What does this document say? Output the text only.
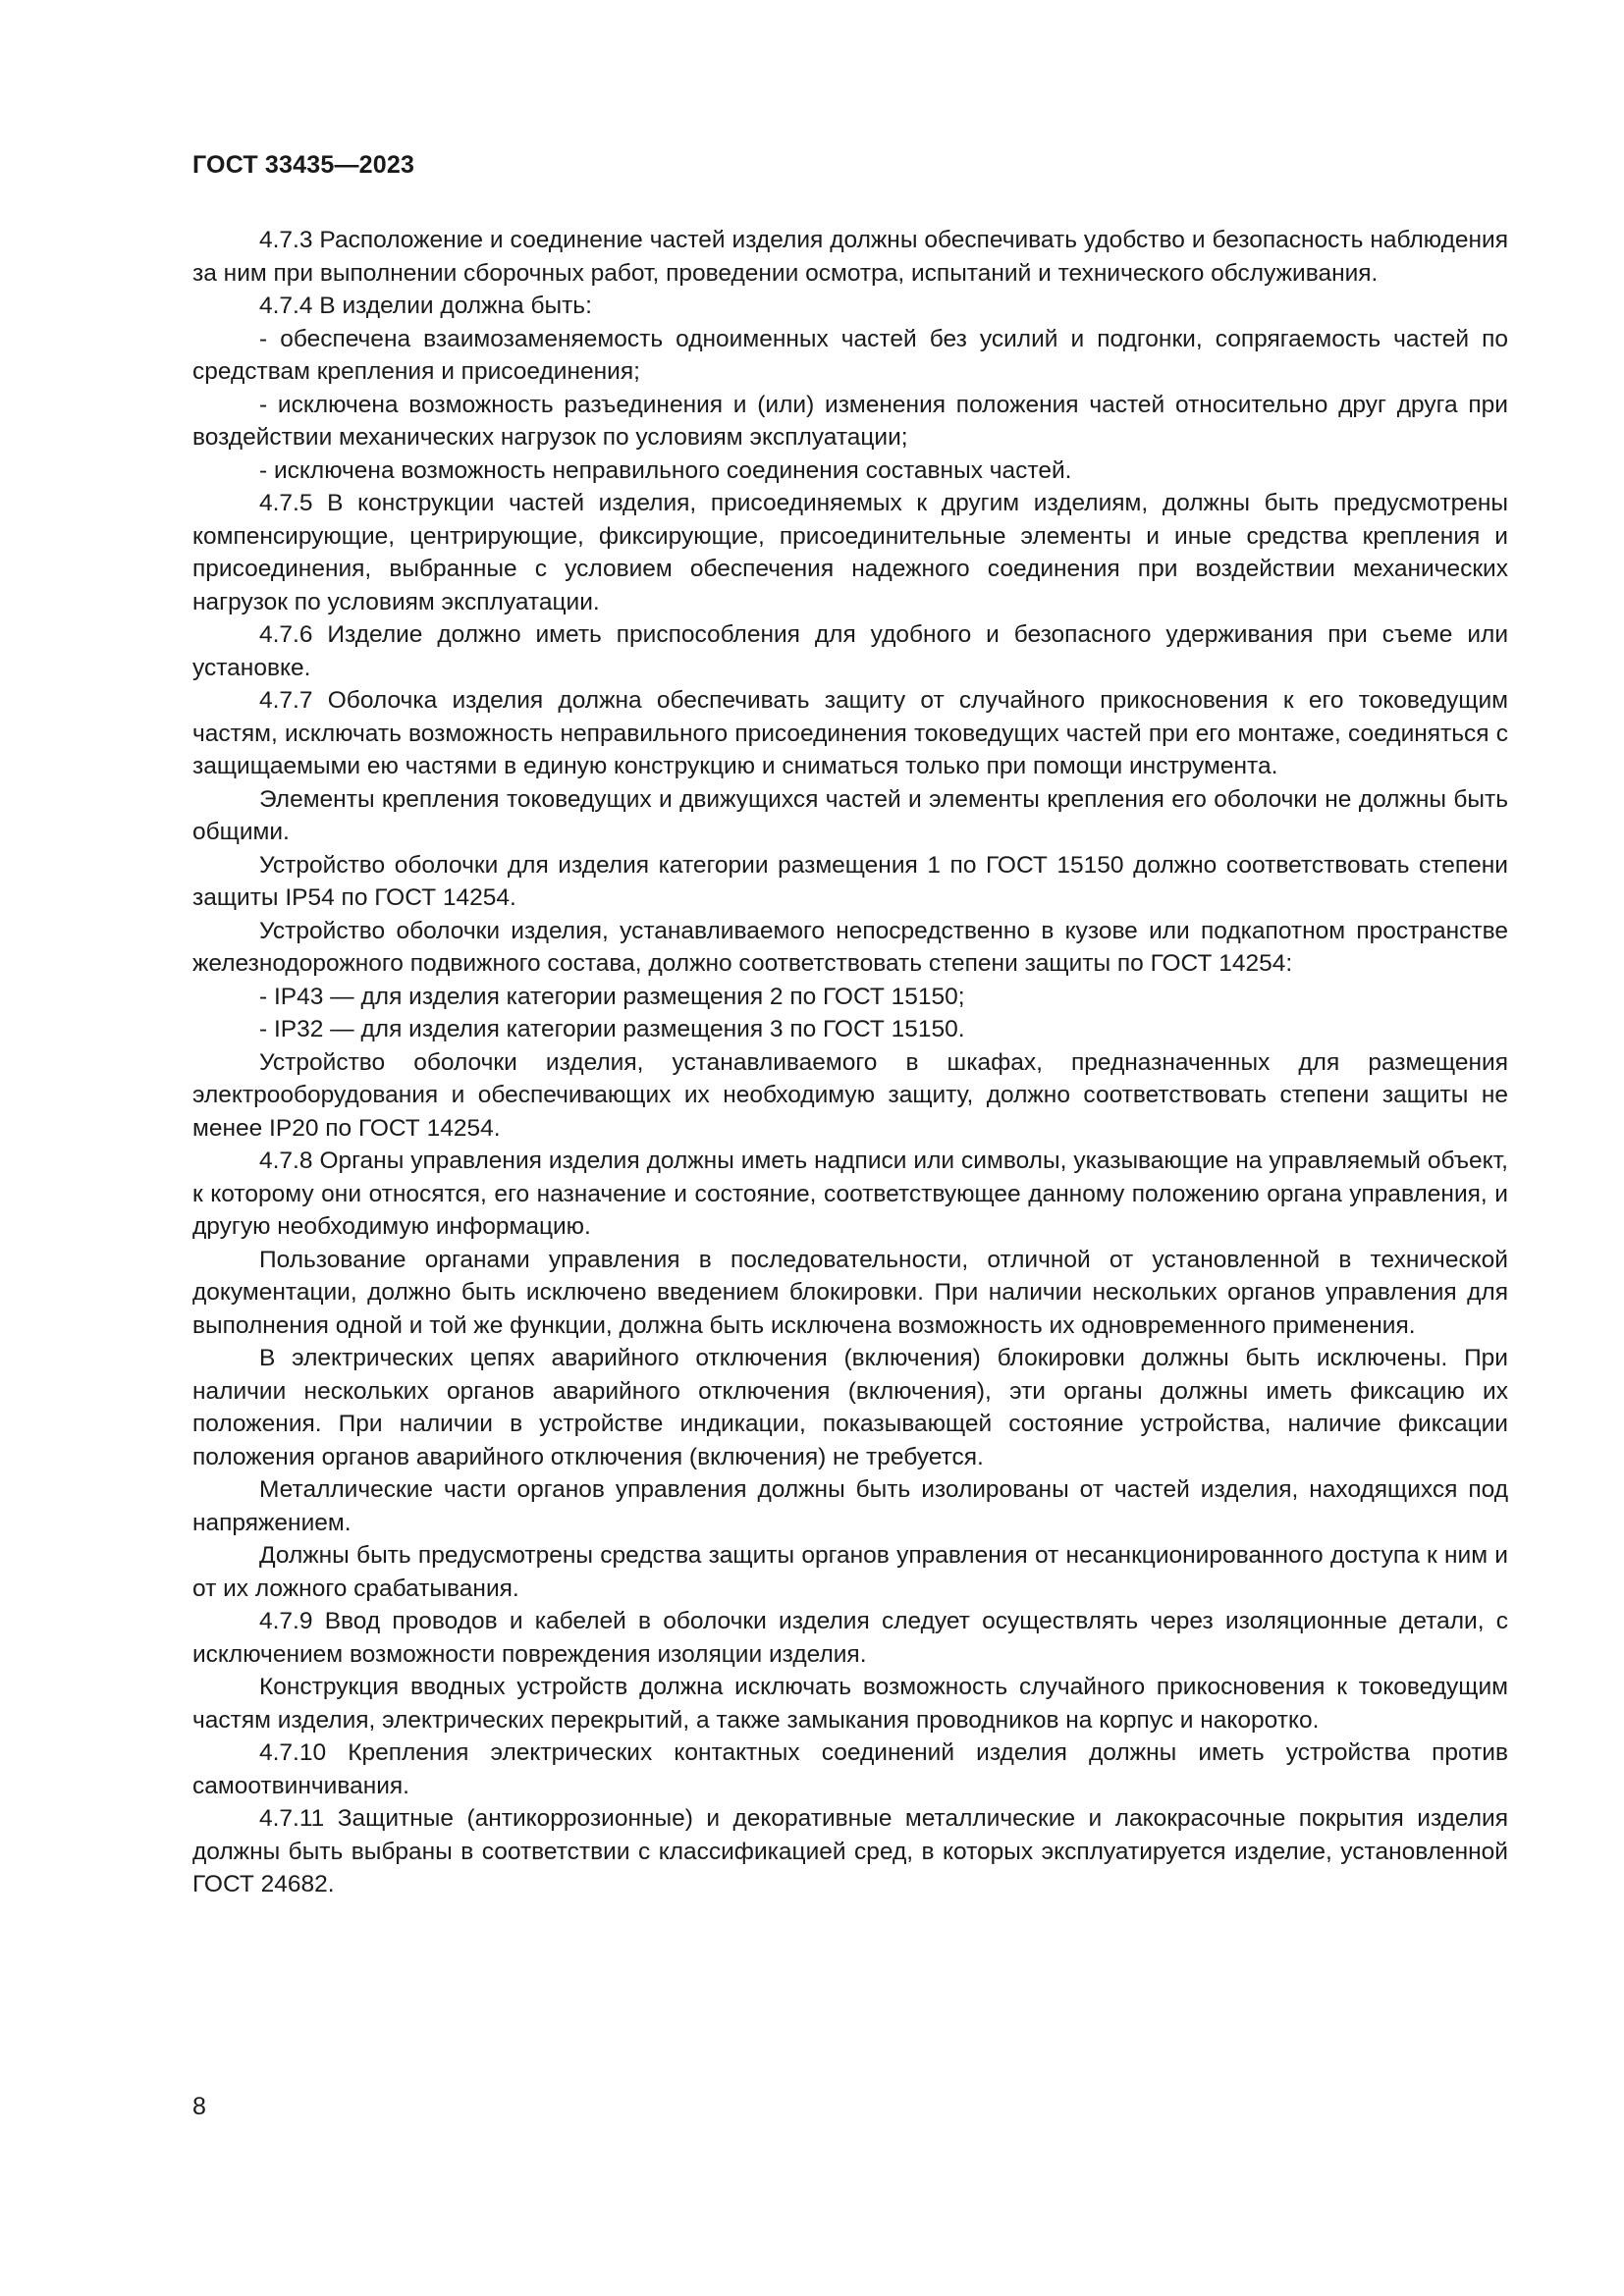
ГОСТ 33435—2023

4.7.3 Расположение и соединение частей изделия должны обеспечивать удобство и безопасность наблюдения за ним при выполнении сборочных работ, проведении осмотра, испытаний и технического обслуживания.

4.7.4 В изделии должна быть:

- обеспечена взаимозаменяемость одноименных частей без усилий и подгонки, сопрягаемость частей по средствам крепления и присоединения;

- исключена возможность разъединения и (или) изменения положения частей относительно друг друга при воздействии механических нагрузок по условиям эксплуатации;

- исключена возможность неправильного соединения составных частей.

4.7.5 В конструкции частей изделия, присоединяемых к другим изделиям, должны быть предусмотрены компенсирующие, центрирующие, фиксирующие, присоединительные элементы и иные средства крепления и присоединения, выбранные с условием обеспечения надежного соединения при воздействии механических нагрузок по условиям эксплуатации.

4.7.6 Изделие должно иметь приспособления для удобного и безопасного удерживания при съеме или установке.

4.7.7 Оболочка изделия должна обеспечивать защиту от случайного прикосновения к его токоведущим частям, исключать возможность неправильного присоединения токоведущих частей при его монтаже, соединяться с защищаемыми ею частями в единую конструкцию и сниматься только при помощи инструмента.

Элементы крепления токоведущих и движущихся частей и элементы крепления его оболочки не должны быть общими.

Устройство оболочки для изделия категории размещения 1 по ГОСТ 15150 должно соответствовать степени защиты IP54 по ГОСТ 14254.

Устройство оболочки изделия, устанавливаемого непосредственно в кузове или подкапотном пространстве железнодорожного подвижного состава, должно соответствовать степени защиты по ГОСТ 14254:

- IP43 — для изделия категории размещения 2 по ГОСТ 15150;

- IP32 — для изделия категории размещения 3 по ГОСТ 15150.

Устройство оболочки изделия, устанавливаемого в шкафах, предназначенных для размещения электрооборудования и обеспечивающих их необходимую защиту, должно соответствовать степени защиты не менее IP20 по ГОСТ 14254.

4.7.8 Органы управления изделия должны иметь надписи или символы, указывающие на управляемый объект, к которому они относятся, его назначение и состояние, соответствующее данному положению органа управления, и другую необходимую информацию.

Пользование органами управления в последовательности, отличной от установленной в технической документации, должно быть исключено введением блокировки. При наличии нескольких органов управления для выполнения одной и той же функции, должна быть исключена возможность их одновременного применения.

В электрических цепях аварийного отключения (включения) блокировки должны быть исключены. При наличии нескольких органов аварийного отключения (включения), эти органы должны иметь фиксацию их положения. При наличии в устройстве индикации, показывающей состояние устройства, наличие фиксации положения органов аварийного отключения (включения) не требуется.

Металлические части органов управления должны быть изолированы от частей изделия, находящихся под напряжением.

Должны быть предусмотрены средства защиты органов управления от несанкционированного доступа к ним и от их ложного срабатывания.

4.7.9 Ввод проводов и кабелей в оболочки изделия следует осуществлять через изоляционные детали, с исключением возможности повреждения изоляции изделия.

Конструкция вводных устройств должна исключать возможность случайного прикосновения к токоведущим частям изделия, электрических перекрытий, а также замыкания проводников на корпус и накоротко.

4.7.10 Крепления электрических контактных соединений изделия должны иметь устройства против самоотвинчивания.

4.7.11 Защитные (антикоррозионные) и декоративные металлические и лакокрасочные покрытия изделия должны быть выбраны в соответствии с классификацией сред, в которых эксплуатируется изделие, установленной ГОСТ 24682.

8
